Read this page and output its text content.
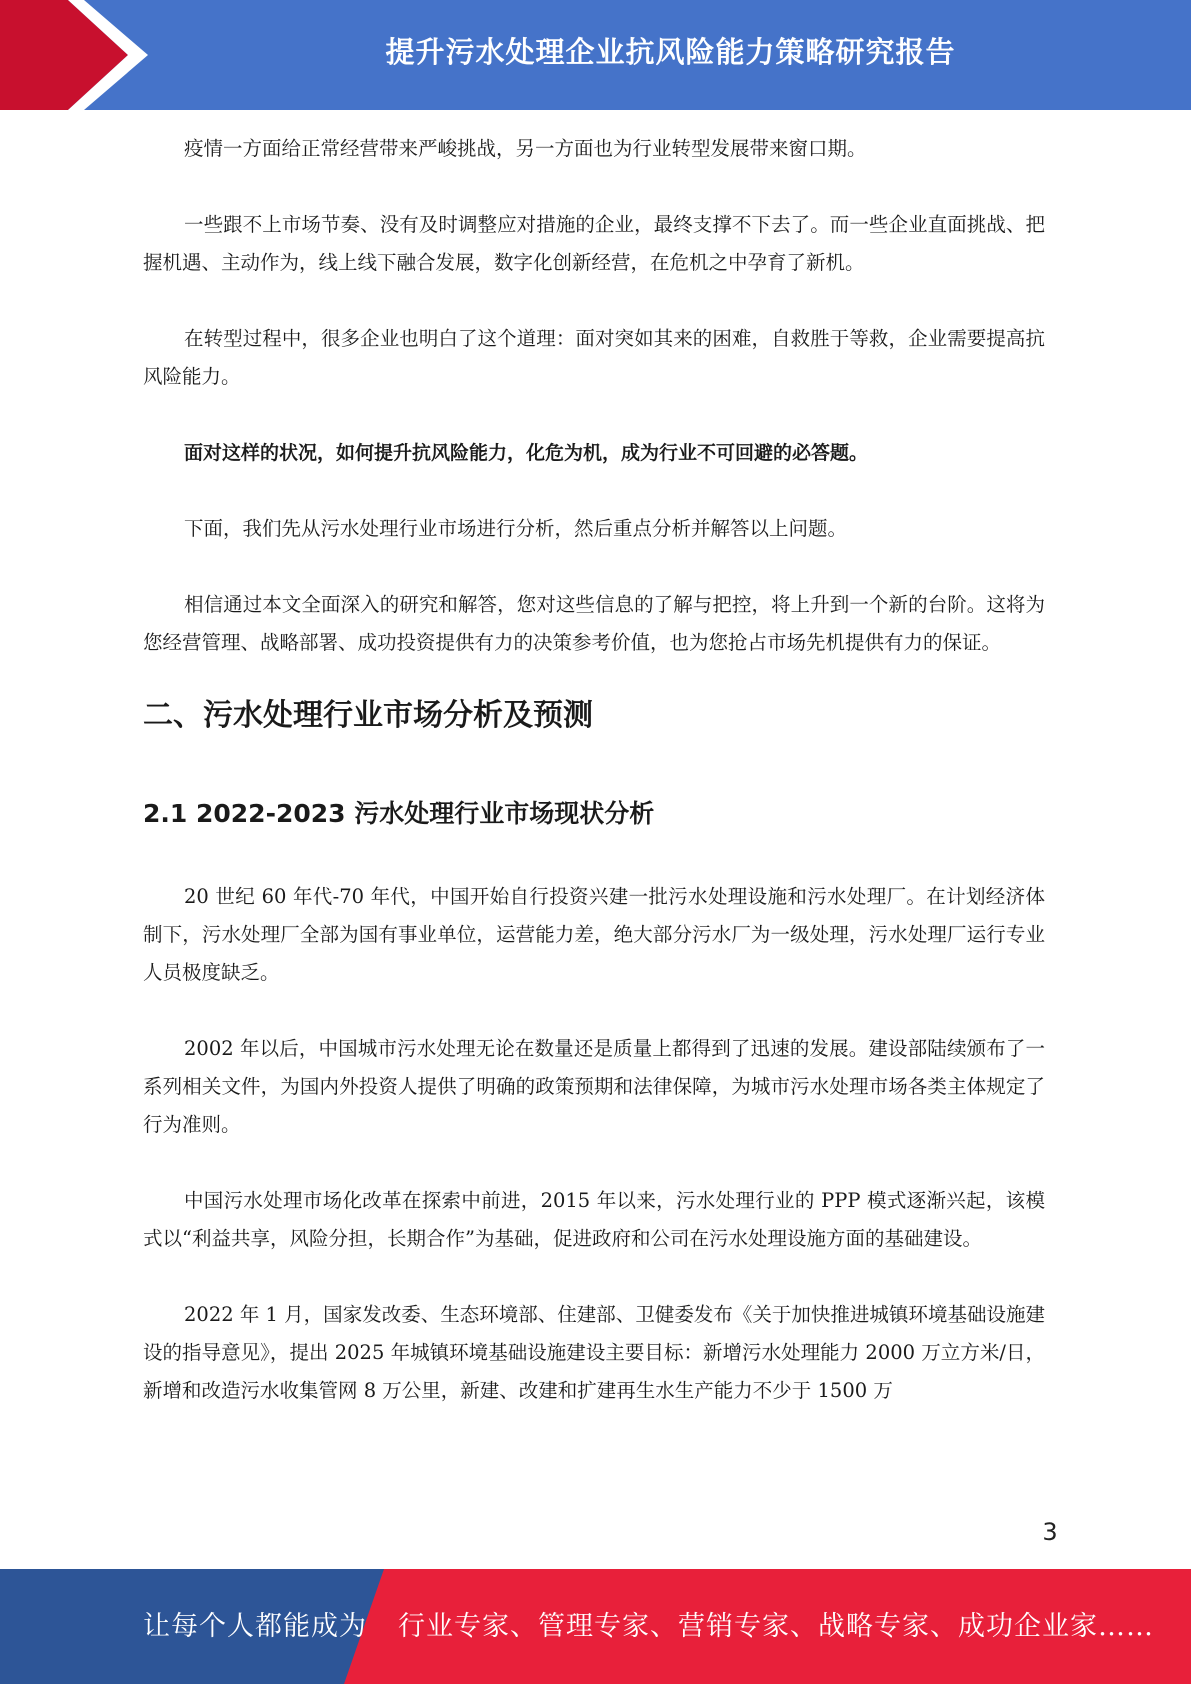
提升污水处理企业抗风险能力策略研究报告

疫情一方面给正常经营带来严峻挑战，另一方面也为行业转型发展带来窗口期。

一些跟不上市场节奏、没有及时调整应对措施的企业，最终支撑不下去了。而一些企业直面挑战、把握机遇、主动作为，线上线下融合发展，数字化创新经营，在危机之中孕育了新机。

在转型过程中，很多企业也明白了这个道理：面对突如其来的困难，自救胜于等救，企业需要提高抗风险能力。

面对这样的状况，如何提升抗风险能力，化危为机，成为行业不可回避的必答题。

下面，我们先从污水处理行业市场进行分析，然后重点分析并解答以上问题。

相信通过本文全面深入的研究和解答，您对这些信息的了解与把控，将上升到一个新的台阶。这将为您经营管理、战略部署、成功投资提供有力的决策参考价值，也为您抢占市场先机提供有力的保证。

二、污水处理行业市场分析及预测
2.1 2022-2023 污水处理行业市场现状分析

20 世纪 60 年代-70 年代，中国开始自行投资兴建一批污水处理设施和污水处理厂。在计划经济体制下，污水处理厂全部为国有事业单位，运营能力差，绝大部分污水厂为一级处理，污水处理厂运行专业人员极度缺乏。

2002 年以后，中国城市污水处理无论在数量还是质量上都得到了迅速的发展。建设部陆续颁布了一系列相关文件，为国内外投资人提供了明确的政策预期和法律保障，为城市污水处理市场各类主体规定了行为准则。

中国污水处理市场化改革在探索中前进，2015 年以来，污水处理行业的 PPP 模式逐渐兴起，该模式以“利益共享，风险分担，长期合作”为基础，促进政府和公司在污水处理设施方面的基础建设。

2022 年 1 月，国家发改委、生态环境部、住建部、卫健委发布《关于加快推进城镇环境基础设施建设的指导意见》，提出 2025 年城镇环境基础设施建设主要目标：新增污水处理能力 2000 万立方米/日，新增和改造污水收集管网 8 万公里，新建、改建和扩建再生水生产能力不少于 1500 万

3
让每个人都能成为 行业专家、管理专家、营销专家、战略专家、成功企业家……
